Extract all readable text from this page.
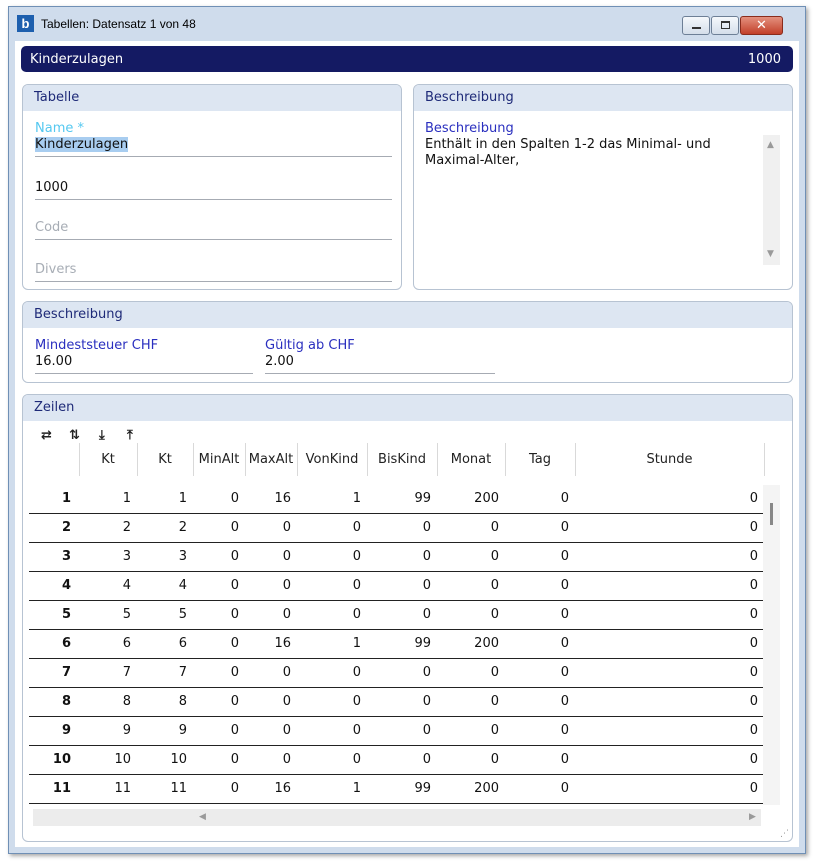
b Tabellen: Datensatz 1 von 48	✕
Kinderzulagen	1000
Tabelle
Name *
Kinderzulagen
1000
Code
Divers
Beschreibung
Beschreibung
Enthält in den Spalten 1-2 das Minimal- und
Maximal-Alter,
▲
▼
Beschreibung
Mindeststeuer CHF
16.00
Gültig ab CHF
2.00
Zeilen
⇄ ⇅ ⤓ ⤒
	Kt	Kt	MinAlt	MaxAlt	VonKind	BisKind	Monat	Tag	Stunde

1	1	1	0	16	1	99	200	0	0
2	2	2	0	0	0	0	0	0	0
3	3	3	0	0	0	0	0	0	0
4	4	4	0	0	0	0	0	0	0
5	5	5	0	0	0	0	0	0	0
6	6	6	0	16	1	99	200	0	0
7	7	7	0	0	0	0	0	0	0
8	8	8	0	0	0	0	0	0	0
9	9	9	0	0	0	0	0	0	0
10	10	10	0	0	0	0	0	0	0
11	11	11	0	16	1	99	200	0	0
◀	▶
⋰
